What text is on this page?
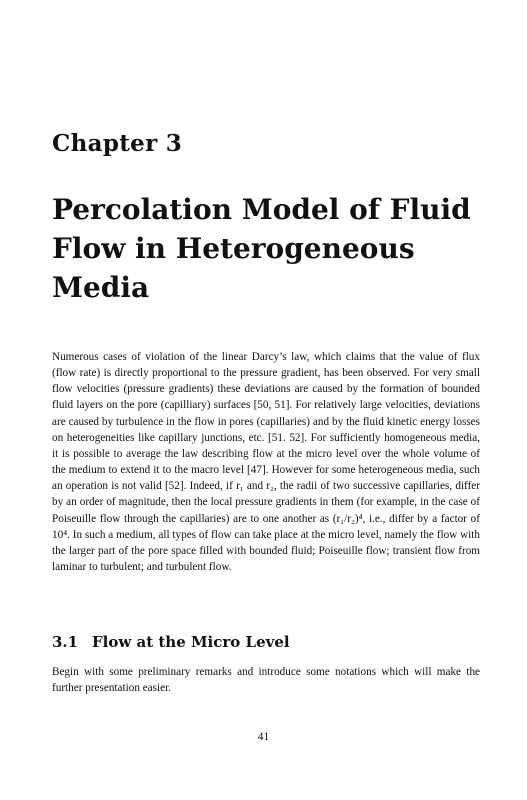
Chapter 3
Percolation Model of Fluid
Flow in Heterogeneous
Media

Numerous cases of violation of the linear Darcy’s law, which claims that the value of flux (flow rate) is directly proportional to the pressure gradient, has been observed. For very small flow velocities (pressure gradients) these deviations are caused by the formation of bounded fluid layers on the pore (capilliary) surfaces [50, 51]. For relatively large velocities, deviations are caused by turbulence in the flow in pores (capillaries) and by the fluid kinetic energy losses on heterogeneities like capillary junctions, etc. [51. 52]. For sufficiently homogeneous media, it is possible to average the law describing flow at the micro level over the whole volume of the medium to extend it to the macro level [47]. However for some heterogeneous media, such an operation is not valid [52]. Indeed, if r₁ and r₂, the radii of two successive capillaries, differ by an order of magnitude, then the local pressure gradients in them (for example, in the case of Poiseuille flow through the capillaries) are to one another as (r₁/r₂)⁴, i.e., differ by a factor of 10⁴. In such a medium, all types of flow can take place at the micro level, namely the flow with the larger part of the pore space filled with bounded fluid; Poiseuille flow; transient flow from laminar to turbulent; and turbulent flow.

3.1 Flow at the Micro Level

Begin with some preliminary remarks and introduce some notations which will make the further presentation easier.

41
